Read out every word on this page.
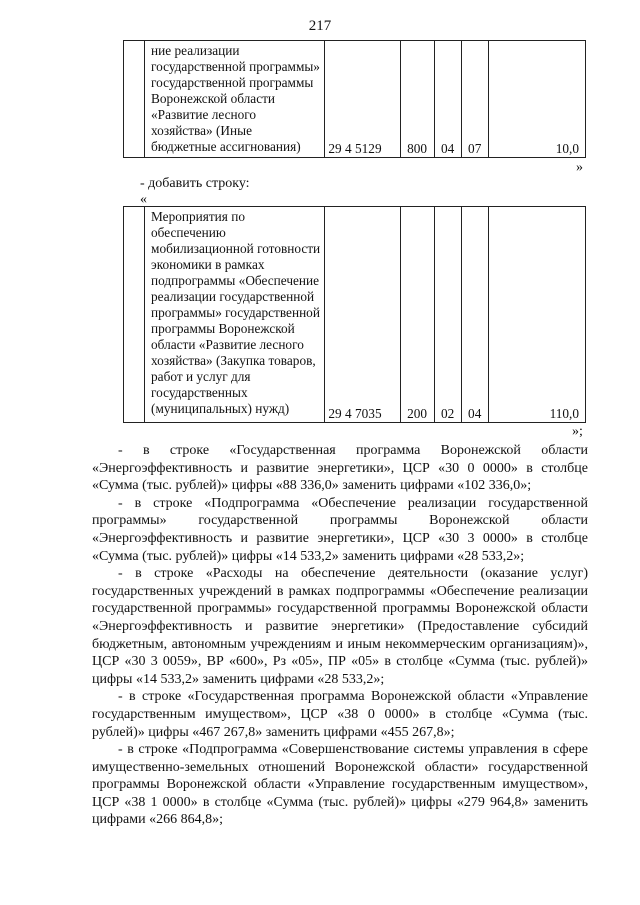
217
	ние реализации государственной программы» государственной программы Воронежской области «Развитие лесного хозяйства» (Иные бюджетные ассигнования)	29 4 5129	800	04	07	10,0
»
- добавить строку:
«
	Мероприятия по обеспечению мобилизационной готовности экономики в рамках подпрограммы «Обеспечение реализации государственной программы» государственной программы Воронежской области «Развитие лесного хозяйства» (Закупка товаров, работ и услуг для государственных (муниципальных) нужд)	29 4 7035	200	02	04	110,0
»;

- в строке «Государственная программа Воронежской области «Энергоэффективность и развитие энергетики», ЦСР «30 0 0000» в столбце «Сумма (тыс. рублей)» цифры «88 336,0» заменить цифрами «102 336,0»;

- в строке «Подпрограмма «Обеспечение реализации государственной программы» государственной программы Воронежской области «Энергоэффективность и развитие энергетики», ЦСР «30 3 0000» в столбце «Сумма (тыс. рублей)» цифры «14 533,2» заменить цифрами «28 533,2»;

- в строке «Расходы на обеспечение деятельности (оказание услуг) государственных учреждений в рамках подпрограммы «Обеспечение реализации государственной программы» государственной программы Воронежской области «Энергоэффективность и развитие энергетики» (Предоставление субсидий бюджетным, автономным учреждениям и иным некоммерческим организациям)», ЦСР «30 3 0059», ВР «600», Рз «05», ПР «05» в столбце «Сумма (тыс. рублей)» цифры «14 533,2» заменить цифрами «28 533,2»;

- в строке «Государственная программа Воронежской области «Управление государственным имуществом», ЦСР «38 0 0000» в столбце «Сумма (тыс. рублей)» цифры «467 267,8» заменить цифрами «455 267,8»;

- в строке «Подпрограмма «Совершенствование системы управления в сфере имущественно-земельных отношений Воронежской области» государственной программы Воронежской области «Управление государственным имуществом», ЦСР «38 1 0000» в столбце «Сумма (тыс. рублей)» цифры «279 964,8» заменить цифрами «266 864,8»;
